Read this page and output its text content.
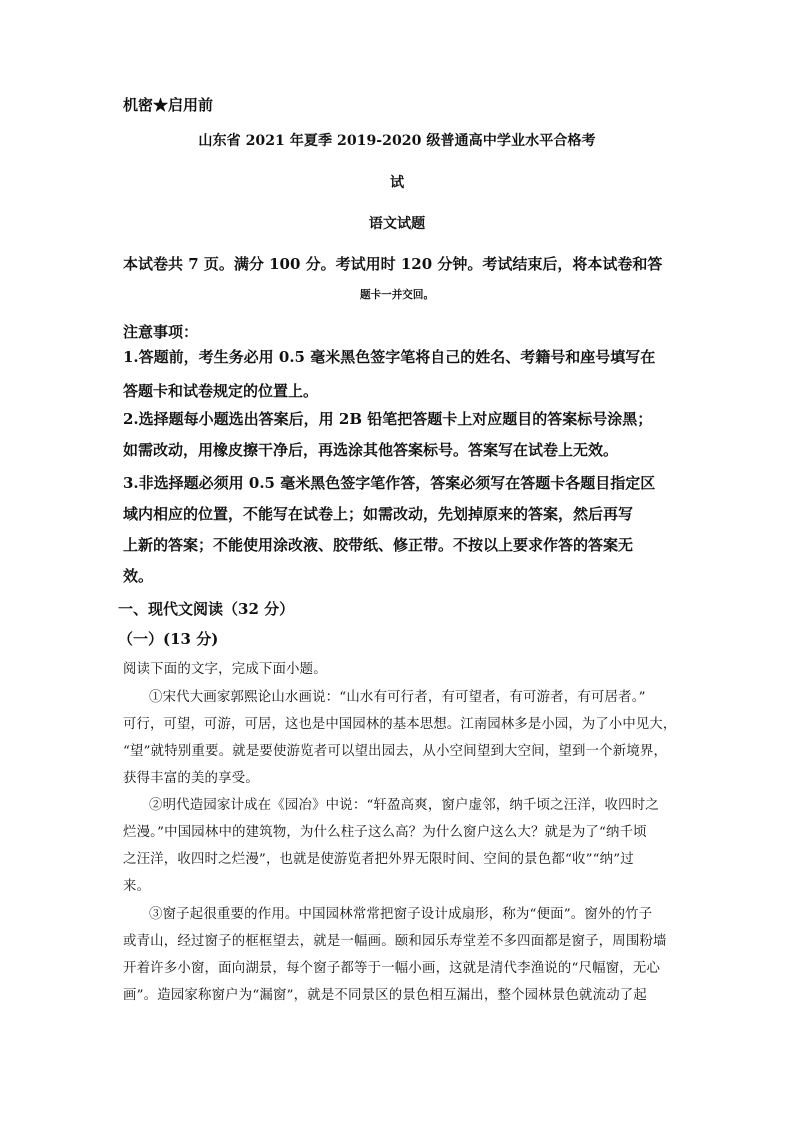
机密★启用前
山东省 2021 年夏季 2019-2020 级普通高中学业水平合格考
试
语文试题
本试卷共 7 页。满分 100 分。考试用时 120 分钟。考试结束后，将本试卷和答
题卡一并交回。
注意事项：
1.答题前，考生务必用 0.5 毫米黑色签字笔将自己的姓名、考籍号和座号填写在
答题卡和试卷规定的位置上。
2.选择题每小题选出答案后，用 2B 铅笔把答题卡上对应题目的答案标号涂黑；
如需改动，用橡皮擦干净后，再选涂其他答案标号。答案写在试卷上无效。
3.非选择题必须用 0.5 毫米黑色签字笔作答，答案必须写在答题卡各题目指定区
域内相应的位置，不能写在试卷上；如需改动，先划掉原来的答案，然后再写
上新的答案；不能使用涂改液、胶带纸、修正带。不按以上要求作答的答案无
效。
一、现代文阅读（32 分）
（一）(13 分)
阅读下面的文字，完成下面小题。
①宋代大画家郭熙论山水画说：“山水有可行者，有可望者，有可游者，有可居者。”
可行，可望，可游，可居，这也是中国园林的基本思想。江南园林多是小园，为了小中见大，
“望”就特别重要。就是要使游览者可以望出园去，从小空间望到大空间，望到一个新境界，
获得丰富的美的享受。
②明代造园家计成在《园冶》中说：“轩盈高爽，窗户虚邻，纳千顷之汪洋，收四时之
烂漫。”中国园林中的建筑物，为什么柱子这么高？为什么窗户这么大？就是为了“纳千顷
之汪洋，收四时之烂漫”，也就是使游览者把外界无限时间、空间的景色都“收”“纳”过
来。
③窗子起很重要的作用。中国园林常常把窗子设计成扇形，称为“便面”。窗外的竹子
或青山，经过窗子的框框望去，就是一幅画。颐和园乐寿堂差不多四面都是窗子，周围粉墙
开着许多小窗，面向湖景，每个窗子都等于一幅小画，这就是清代李渔说的“尺幅窗，无心
画”。造园家称窗户为“漏窗”，就是不同景区的景色相互漏出，整个园林景色就流动了起
